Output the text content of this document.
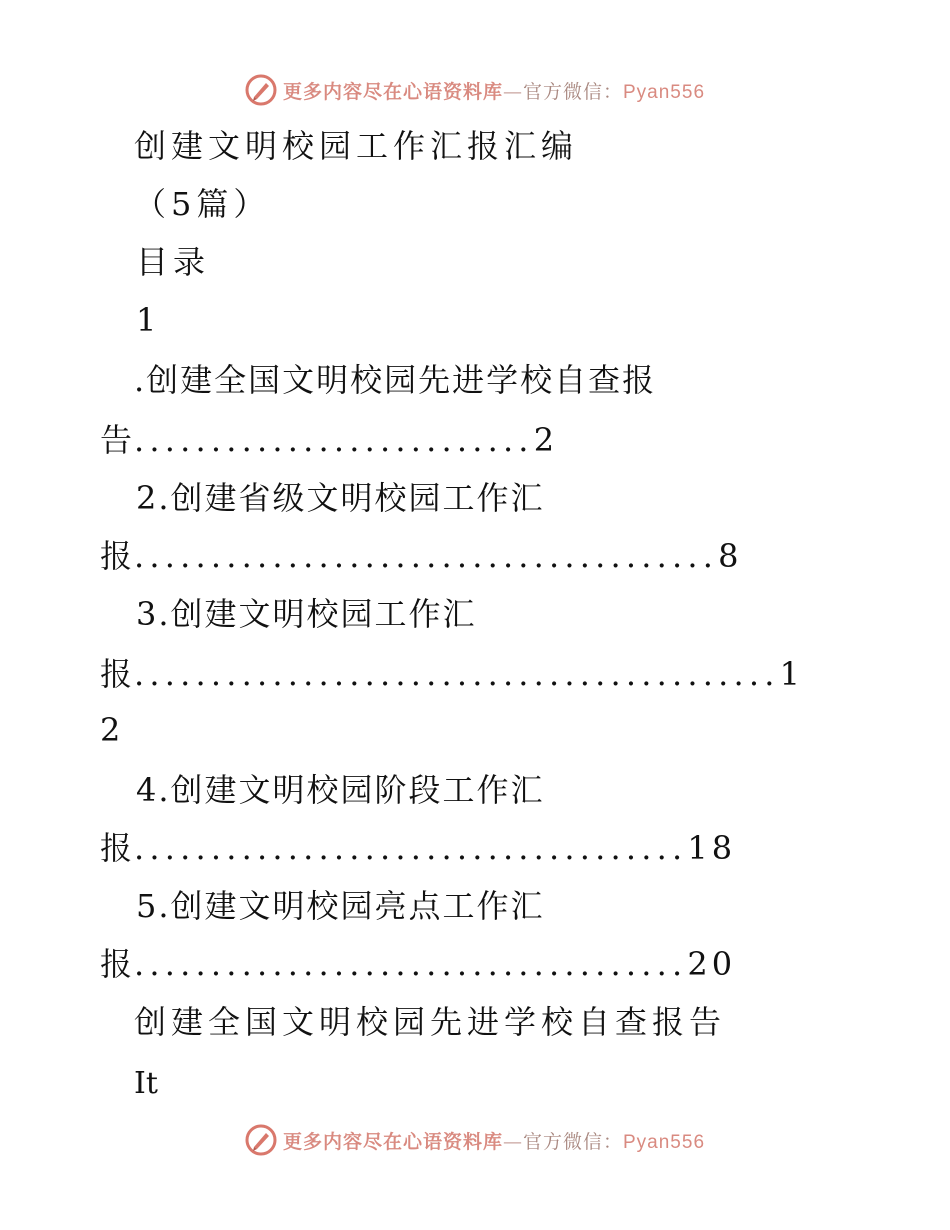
更多内容尽在心语资料库—官方微信：Pyan556
创建文明校园工作汇报汇编
（5篇）
目录
1
.创建全国文明校园先进学校自查报
告..........................2
2.创建省级文明校园工作汇
报......................................8
3.创建文明校园工作汇
报..........................................1
2
4.创建文明校园阶段工作汇
报....................................18
5.创建文明校园亮点工作汇
报....................................20
创建全国文明校园先进学校自查报告
It
更多内容尽在心语资料库—官方微信：Pyan556
